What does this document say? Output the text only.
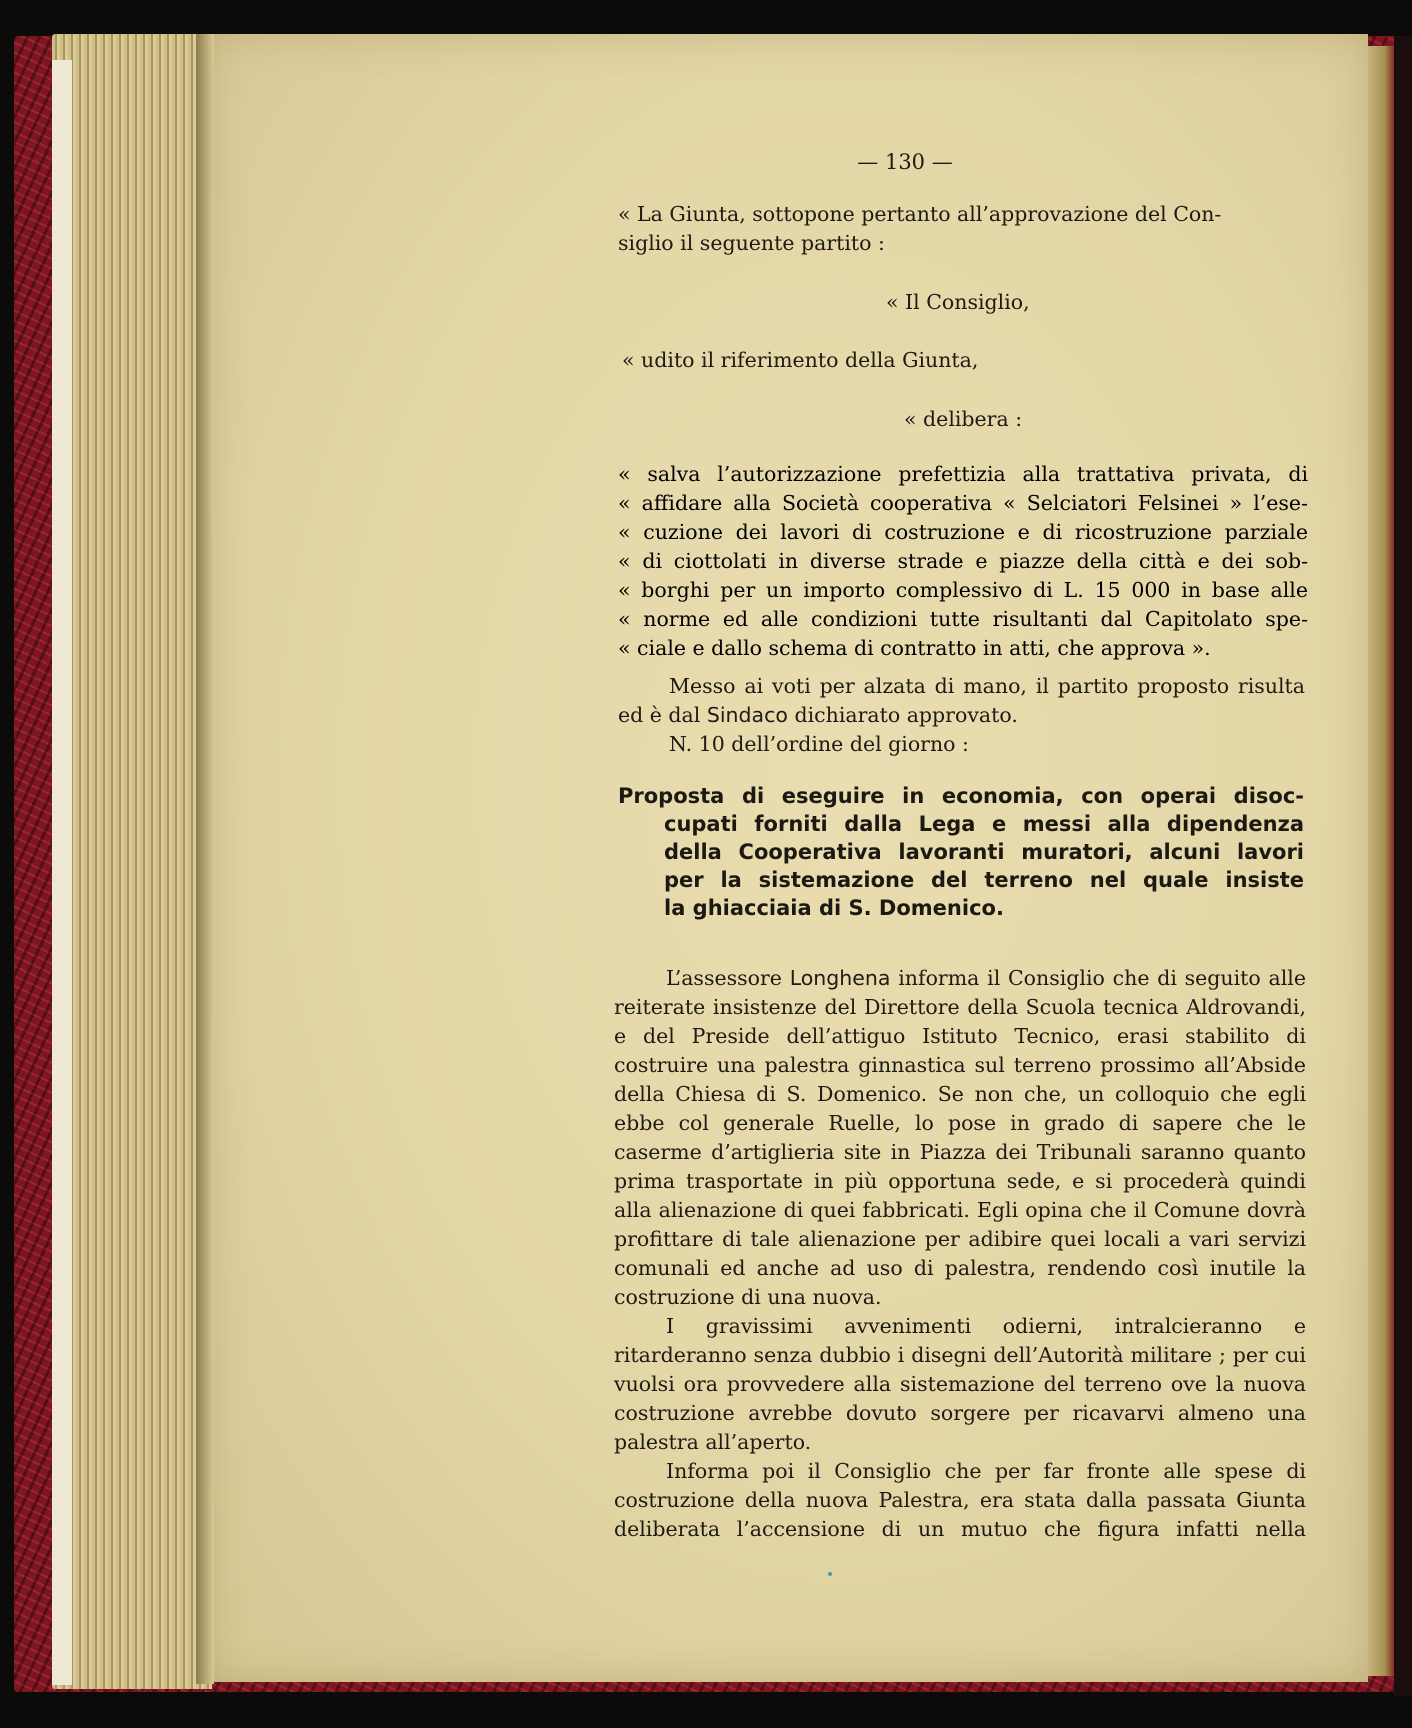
— 130 —
« La Giunta, sottopone pertanto all’approvazione del Con-
siglio il seguente partito :
« Il Consiglio,
« udito il riferimento della Giunta,
« delibera :
« salva l’autorizzazione prefettizia alla trattativa privata, di
« affidare alla Società cooperativa « Selciatori Felsinei » l’ese-
« cuzione dei lavori di costruzione e di ricostruzione parziale
« di ciottolati in diverse strade e piazze della città e dei sob-
« borghi per un importo complessivo di L. 15 000 in base alle
« norme ed alle condizioni tutte risultanti dal Capitolato spe-
« ciale e dallo schema di contratto in atti, che approva ».
Messo ai voti per alzata di mano, il partito proposto risulta
ed è dal Sindaco dichiarato approvato.
N. 10 dell’ordine del giorno :
Proposta di eseguire in economia, con operai disoc-
cupati forniti dalla Lega e messi alla dipendenza
della Cooperativa lavoranti muratori, alcuni lavori
per la sistemazione del terreno nel quale insiste
la ghiacciaia di S. Domenico.

L’assessore Longhena informa il Consiglio che di seguito alle reiterate insistenze del Direttore della Scuola tecnica Aldrovandi, e del Preside dell’attiguo Istituto Tecnico, erasi stabilito di costruire una palestra ginnastica sul terreno prossimo all’Abside della Chiesa di S. Domenico. Se non che, un colloquio che egli ebbe col generale Ruelle, lo pose in grado di sapere che le caserme d’artiglieria site in Piazza dei Tribunali saranno quanto prima trasportate in più opportuna sede, e si procederà quindi alla alienazione di quei fabbricati. Egli opina che il Comune dovrà profittare di tale alienazione per adibire quei locali a vari servizi comunali ed anche ad uso di palestra, rendendo così inutile la costruzione di una nuova.

I gravissimi avvenimenti odierni, intralcieranno e ritarderanno senza dubbio i disegni dell’Autorità militare ; per cui vuolsi ora provvedere alla sistemazione del terreno ove la nuova costruzione avrebbe dovuto sorgere per ricavarvi almeno una palestra all’aperto.

Informa poi il Consiglio che per far fronte alle spese di costruzione della nuova Palestra, era stata dalla passata Giunta deliberata l’accensione di un mutuo che figura infatti nella
